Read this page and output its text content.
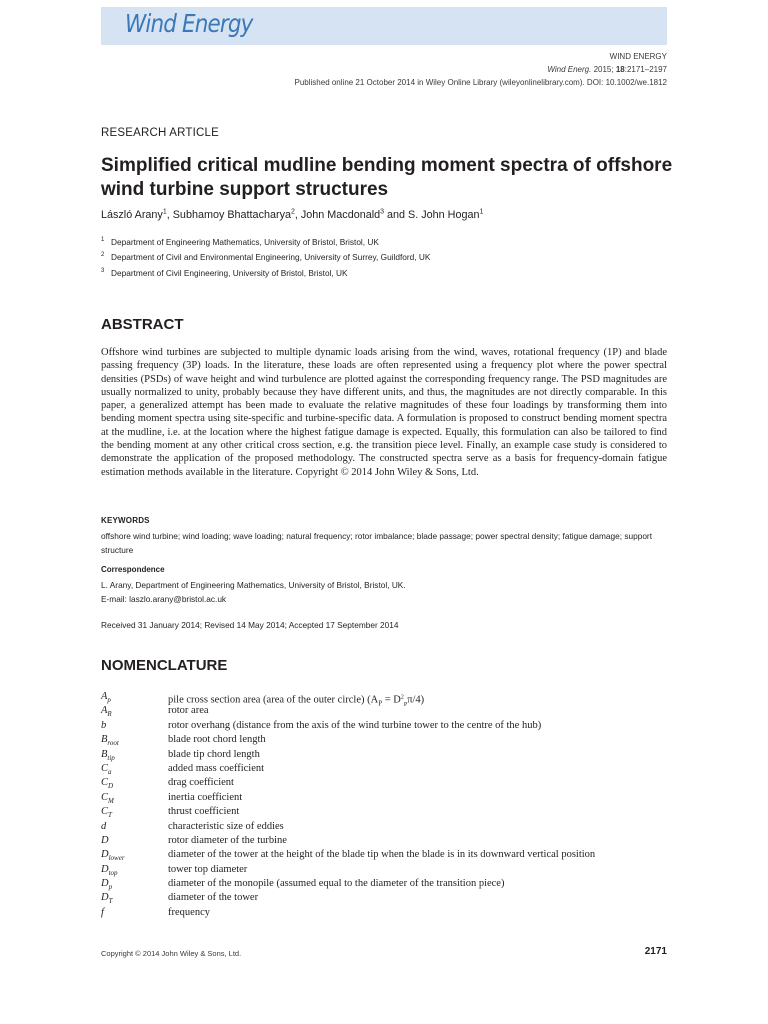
Wind Energy
WIND ENERGY
Wind Energ. 2015; 18:2171–2197
Published online 21 October 2014 in Wiley Online Library (wileyonlinelibrary.com). DOI: 10.1002/we.1812
RESEARCH ARTICLE
Simplified critical mudline bending moment spectra of offshore wind turbine support structures
László Arany$^1$, Subhamoy Bhattacharya$^2$, John Macdonald$^3$ and S. John Hogan$^1$
$^1$ Department of Engineering Mathematics, University of Bristol, Bristol, UK
$^2$ Department of Civil and Environmental Engineering, University of Surrey, Guildford, UK
$^3$ Department of Civil Engineering, University of Bristol, Bristol, UK
ABSTRACT

Offshore wind turbines are subjected to multiple dynamic loads arising from the wind, waves, rotational frequency (1P) and blade passing frequency (3P) loads. In the literature, these loads are often represented using a frequency plot where the power spectral densities (PSDs) of wave height and wind turbulence are plotted against the corresponding frequency range. The PSD magnitudes are usually normalized to unity, probably because they have different units, and thus, the magnitudes are not directly comparable. In this paper, a generalized attempt has been made to evaluate the relative magnitudes of these four loadings by transforming them into bending moment spectra using site-specific and turbine-specific data. A formulation is proposed to construct bending moment spectra at the mudline, i.e. at the location where the highest fatigue damage is expected. Equally, this formulation can also be tailored to find the bending moment at any other critical cross section, e.g. the transition piece level. Finally, an example case study is considered to demonstrate the application of the proposed methodology. The constructed spectra serve as a basis for frequency-domain fatigue estimation methods available in the literature. Copyright © 2014 John Wiley & Sons, Ltd.

KEYWORDS
offshore wind turbine; wind loading; wave loading; natural frequency; rotor imbalance; blade passage; power spectral density; fatigue damage; support structure
Correspondence
L. Arany, Department of Engineering Mathematics, University of Bristol, Bristol, UK.
E-mail: laszlo.arany@bristol.ac.uk
Received 31 January 2014; Revised 14 May 2014; Accepted 17 September 2014
NOMENCLATURE
$A_p$	pile cross section area (area of the outer circle) $(A_P = D^2_P\pi/4)$
$A_R$	rotor area
b	rotor overhang (distance from the axis of the wind turbine tower to the centre of the hub)
$B_{root}$	blade root chord length
$B_{tip}$	blade tip chord length
$C_a$	added mass coefficient
$C_D$	drag coefficient
$C_M$	inertia coefficient
$C_T$	thrust coefficient
d	characteristic size of eddies
D	rotor diameter of the turbine
$D_{lower}$	diameter of the tower at the height of the blade tip when the blade is in its downward vertical position
$D_{top}$	tower top diameter
$D_p$	diameter of the monopile (assumed equal to the diameter of the transition piece)
$D_T$	diameter of the tower
f	frequency
Copyright © 2014 John Wiley & Sons, Ltd.	2171
